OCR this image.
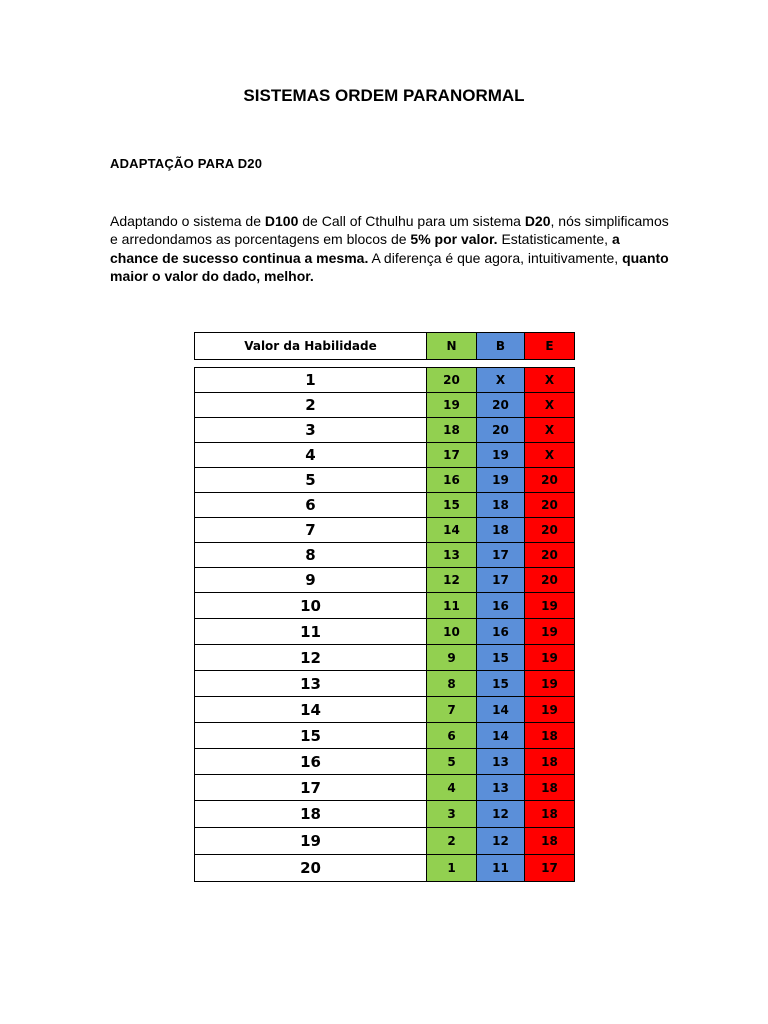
SISTEMAS ORDEM PARANORMAL
ADAPTAÇÃO PARA D20

Adaptando o sistema de D100 de Call of Cthulhu para um sistema D20, nós simplificamos e arredondamos as porcentagens em blocos de 5% por valor. Estatisticamente, a chance de sucesso continua a mesma. A diferença é que agora, intuitivamente, quanto maior o valor do dado, melhor.

Valor da Habilidade	N	B	E
1	20	X	X
2	19	20	X
3	18	20	X
4	17	19	X
5	16	19	20
6	15	18	20
7	14	18	20
8	13	17	20
9	12	17	20
10	11	16	19
11	10	16	19
12	9	15	19
13	8	15	19
14	7	14	19
15	6	14	18
16	5	13	18
17	4	13	18
18	3	12	18
19	2	12	18
20	1	11	17
